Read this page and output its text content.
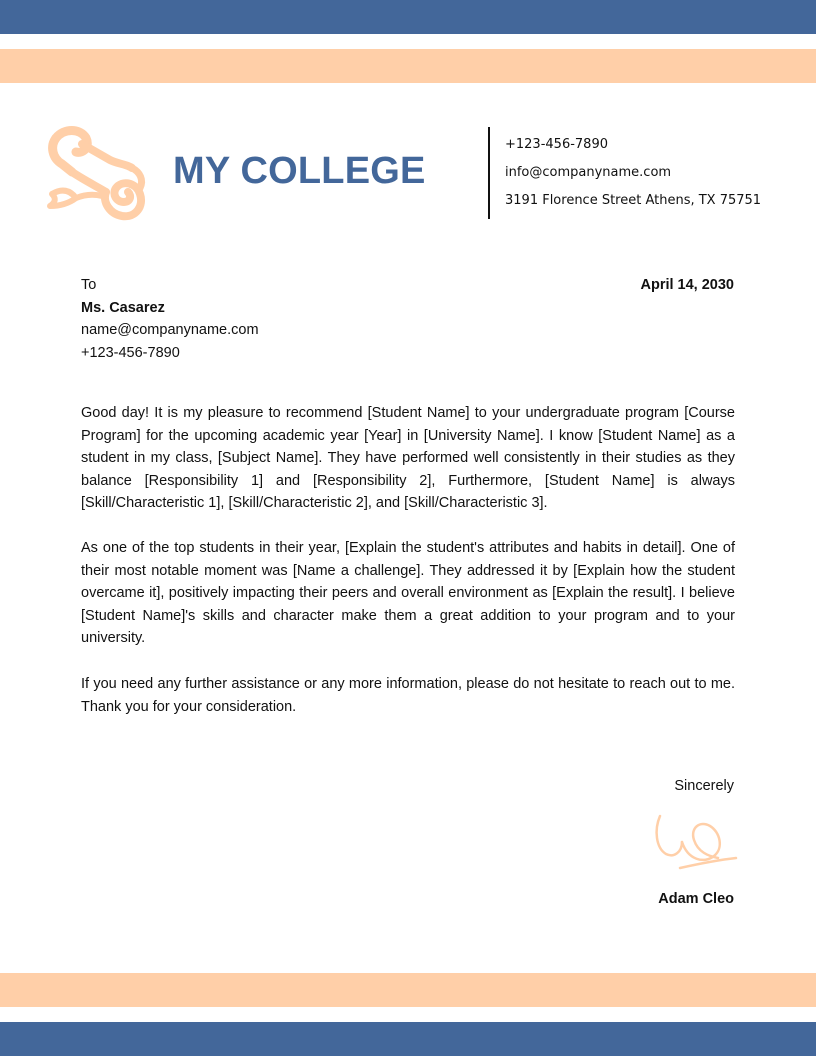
MY COLLEGE
+123-456-7890
info@companyname.com
3191 Florence Street Athens, TX 75751
To
Ms. Casarez
name@companyname.com
+123-456-7890
April 14, 2030

Good day! It is my pleasure to recommend [Student Name] to your undergraduate program [Course Program] for the upcoming academic year [Year] in [University Name]. I know [Student Name] as a student in my class, [Subject Name]. They have performed well consistently in their studies as they balance [Responsibility 1] and [Responsibility 2], Furthermore, [Student Name] is always [Skill/Characteristic 1], [Skill/Characteristic 2], and [Skill/Characteristic 3].

As one of the top students in their year, [Explain the student's attributes and habits in detail]. One of their most notable moment was [Name a challenge]. They addressed it by [Explain how the student overcame it], positively impacting their peers and overall environment as [Explain the result]. I believe [Student Name]'s skills and character make them a great addition to your program and to your university.

If you need any further assistance or any more information, please do not hesitate to reach out to me. Thank you for your consideration.

Sincerely
Adam Cleo
